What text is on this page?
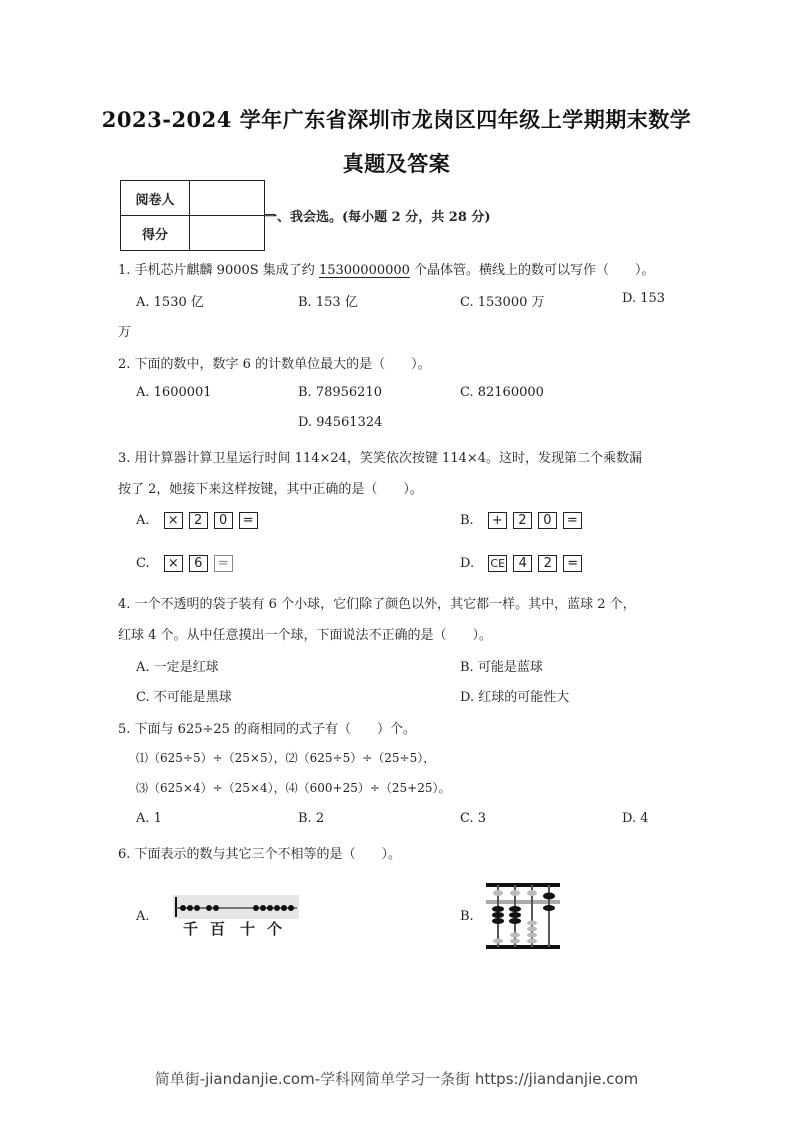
2023-2024 学年广东省深圳市龙岗区四年级上学期期末数学
真题及答案
阅卷人	
得分	
一、我会选。(每小题 2 分，共 28 分)
1. 手机芯片麒麟 9000S 集成了约 15300000000 个晶体管。横线上的数可以写作（　　）。
A. 1530 亿	B. 153 亿	C. 153000 万	D. 153
万
2. 下面的数中，数字 6 的计数单位最大的是（　　）。
A. 1600001	B. 78956210	C. 82160000
D. 94561324
3. 用计算器计算卫星运行时间 114×24，笑笑依次按键 114×4。这时，发现第二个乘数漏
按了 2，她接下来这样按键，其中正确的是（　　）。
A. × 2 0 =	B. + 2 0 =
C. × 6 =	D. CE 4 2 =
4. 一个不透明的袋子装有 6 个小球，它们除了颜色以外，其它都一样。其中，蓝球 2 个，
红球 4 个。从中任意摸出一个球，下面说法不正确的是（　　）。
A. 一定是红球	B. 可能是蓝球
C. 不可能是黑球	D. 红球的可能性大
5. 下面与 625÷25 的商相同的式子有（　　）个。
⑴（625÷5）÷（25×5），⑵（625÷5）÷（25÷5），
⑶（625×4）÷（25×4），⑷（600+25）÷（25+25）。
A. 1	B. 2	C. 3	D. 4
6. 下面表示的数与其它三个不相等的是（　　）。
A.
千 百 十 个
B.
简单街-jiandanjie.com-学科网简单学习一条街 https://jiandanjie.com
